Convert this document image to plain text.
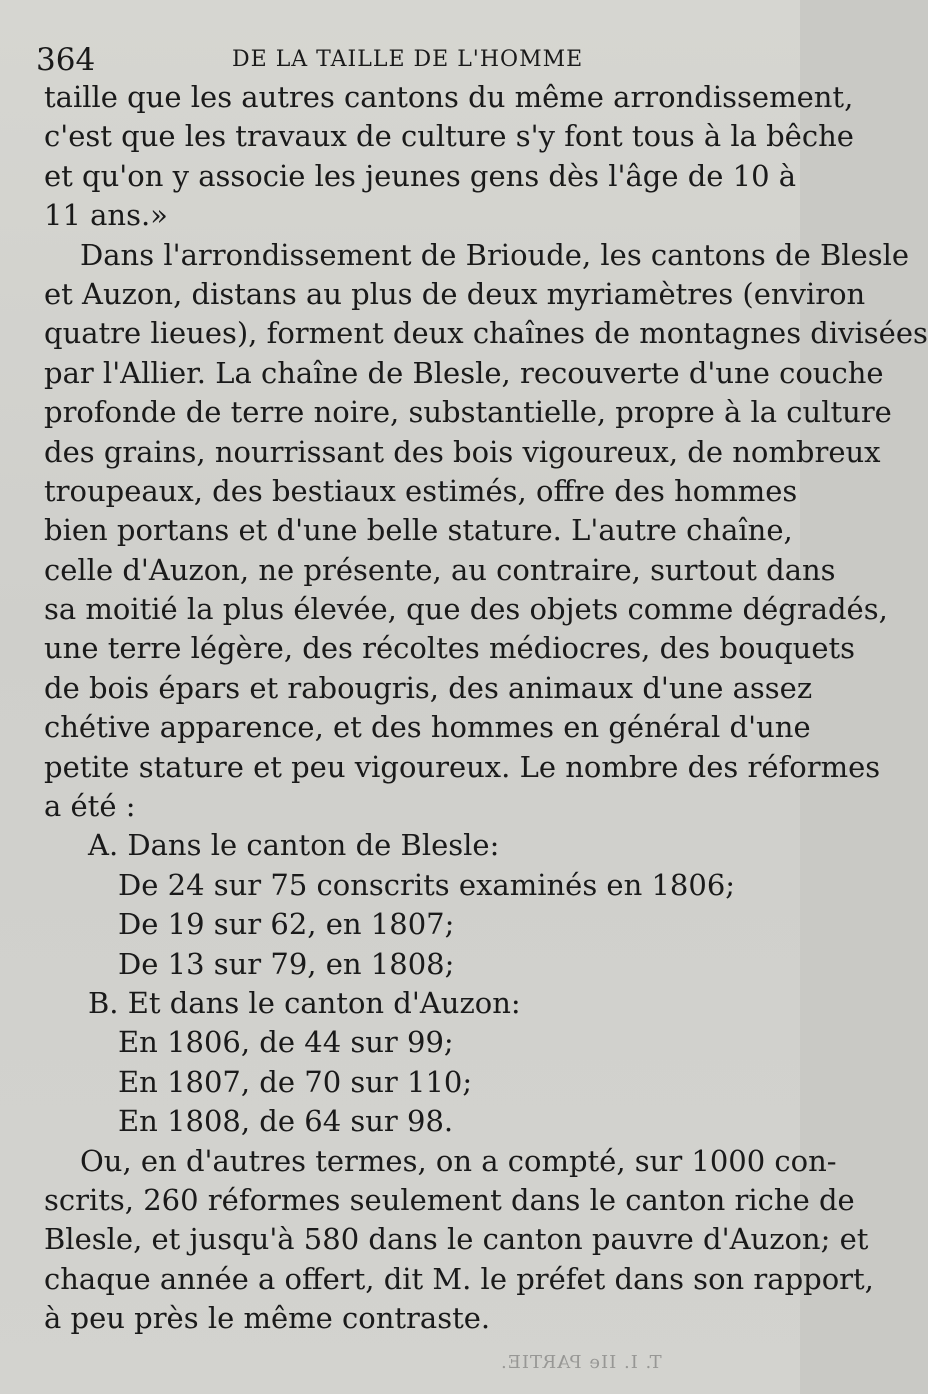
364	DE LA TAILLE DE L'HOMME
taille que les autres cantons du même arrondissement,
c'est que les travaux de culture s'y font tous à la bêche
et qu'on y associe les jeunes gens dès l'âge de 10 à
11 ans.»
Dans l'arrondissement de Brioude, les cantons de Blesle
et Auzon, distans au plus de deux myriamètres (environ
quatre lieues), forment deux chaînes de montagnes divisées
par l'Allier. La chaîne de Blesle, recouverte d'une couche
profonde de terre noire, substantielle, propre à la culture
des grains, nourrissant des bois vigoureux, de nombreux
troupeaux, des bestiaux estimés, offre des hommes
bien portans et d'une belle stature. L'autre chaîne,
celle d'Auzon, ne présente, au contraire, surtout dans
sa moitié la plus élevée, que des objets comme dégradés,
une terre légère, des récoltes médiocres, des bouquets
de bois épars et rabougris, des animaux d'une assez
chétive apparence, et des hommes en général d'une
petite stature et peu vigoureux. Le nombre des réformes
a été :
A. Dans le canton de Blesle:
De 24 sur 75 conscrits examinés en 1806;
De 19 sur 62, en 1807;
De 13 sur 79, en 1808;
B. Et dans le canton d'Auzon:
En 1806, de 44 sur 99;
En 1807, de 70 sur 110;
En 1808, de 64 sur 98.
Ou, en d'autres termes, on a compté, sur 1000 con-
scrits, 260 réformes seulement dans le canton riche de
Blesle, et jusqu'à 580 dans le canton pauvre d'Auzon; et
chaque année a offert, dit M. le préfet dans son rapport,
à peu près le même contraste.
T. I. IIe PARTIE.
